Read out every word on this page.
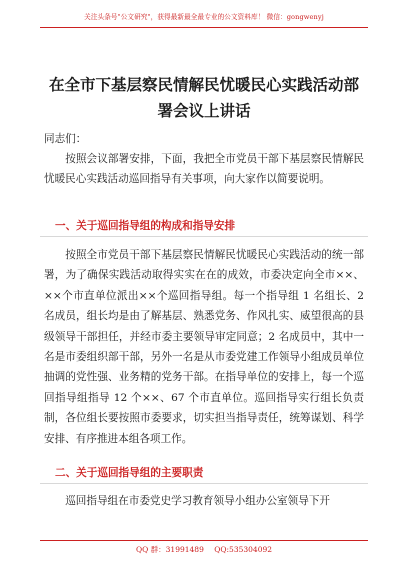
关注头条号"公文研究"，获得最新最全最专业的公文资料库！ 微信：gongwenyj
在全市下基层察民情解民忧暖民心实践活动部署会议上讲话
同志们：
按照会议部署安排，下面，我把全市党员干部下基层察民情解民忧暖民心实践活动巡回指导有关事项，向大家作以简要说明。
一、关于巡回指导组的构成和指导安排
按照全市党员干部下基层察民情解民忧暖民心实践活动的统一部署，为了确保实践活动取得实实在在的成效，市委决定向全市××、××个市直单位派出××个巡回指导组。每一个指导组 1 名组长、2 名成员，组长均是由了解基层、熟悉党务、作风扎实、威望很高的县级领导干部担任，并经市委主要领导审定同意；2 名成员中，其中一名是市委组织部干部，另外一名是从市委党建工作领导小组成员单位抽调的党性强、业务精的党务干部。在指导单位的安排上，每一个巡回指导组指导 12 个××、67 个市直单位。巡回指导实行组长负责制，各位组长要按照市委要求，切实担当指导责任，统筹谋划、科学安排、有序推进本组各项工作。
二、关于巡回指导组的主要职责
巡回指导组在市委党史学习教育领导小组办公室领导下开
QQ 群：31991489 QQ:535304092
